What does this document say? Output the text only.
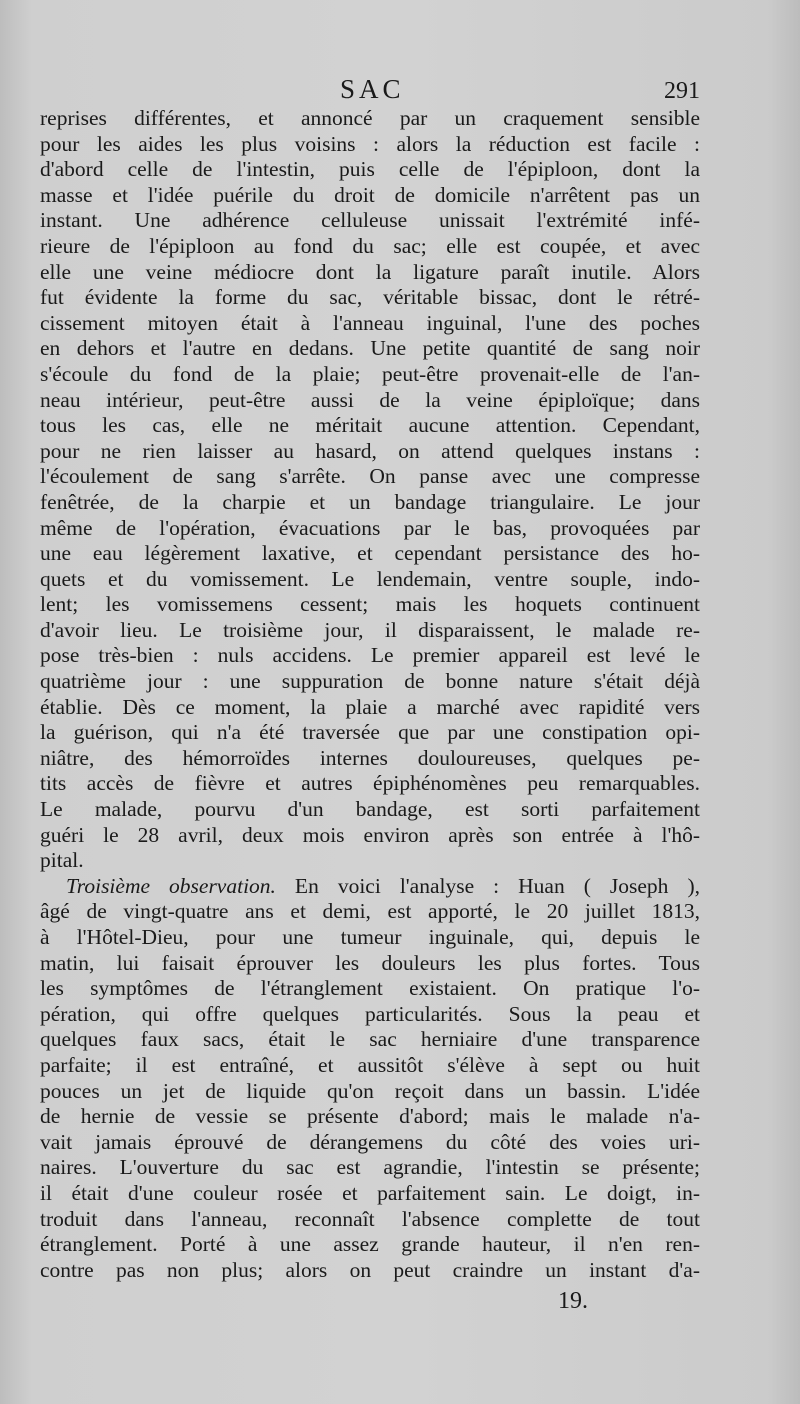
SAC	291
reprises différentes, et annoncé par un craquement sensible
pour les aides les plus voisins : alors la réduction est facile :
d'abord celle de l'intestin, puis celle de l'épiploon, dont la
masse et l'idée puérile du droit de domicile n'arrêtent pas un
instant. Une adhérence celluleuse unissait l'extrémité infé-
rieure de l'épiploon au fond du sac; elle est coupée, et avec
elle une veine médiocre dont la ligature paraît inutile. Alors
fut évidente la forme du sac, véritable bissac, dont le rétré-
cissement mitoyen était à l'anneau inguinal, l'une des poches
en dehors et l'autre en dedans. Une petite quantité de sang noir
s'écoule du fond de la plaie; peut-être provenait-elle de l'an-
neau intérieur, peut-être aussi de la veine épiploïque; dans
tous les cas, elle ne méritait aucune attention. Cependant,
pour ne rien laisser au hasard, on attend quelques instans :
l'écoulement de sang s'arrête. On panse avec une compresse
fenêtrée, de la charpie et un bandage triangulaire. Le jour
même de l'opération, évacuations par le bas, provoquées par
une eau légèrement laxative, et cependant persistance des ho-
quets et du vomissement. Le lendemain, ventre souple, indo-
lent; les vomissemens cessent; mais les hoquets continuent
d'avoir lieu. Le troisième jour, il disparaissent, le malade re-
pose très-bien : nuls accidens. Le premier appareil est levé le
quatrième jour : une suppuration de bonne nature s'était déjà
établie. Dès ce moment, la plaie a marché avec rapidité vers
la guérison, qui n'a été traversée que par une constipation opi-
niâtre, des hémorroïdes internes douloureuses, quelques pe-
tits accès de fièvre et autres épiphénomènes peu remarquables.
Le malade, pourvu d'un bandage, est sorti parfaitement
guéri le 28 avril, deux mois environ après son entrée à l'hô-
pital.
Troisième observation. En voici l'analyse : Huan ( Joseph ),
âgé de vingt-quatre ans et demi, est apporté, le 20 juillet 1813,
à l'Hôtel-Dieu, pour une tumeur inguinale, qui, depuis le
matin, lui faisait éprouver les douleurs les plus fortes. Tous
les symptômes de l'étranglement existaient. On pratique l'o-
pération, qui offre quelques particularités. Sous la peau et
quelques faux sacs, était le sac herniaire d'une transparence
parfaite; il est entraîné, et aussitôt s'élève à sept ou huit
pouces un jet de liquide qu'on reçoit dans un bassin. L'idée
de hernie de vessie se présente d'abord; mais le malade n'a-
vait jamais éprouvé de dérangemens du côté des voies uri-
naires. L'ouverture du sac est agrandie, l'intestin se présente;
il était d'une couleur rosée et parfaitement sain. Le doigt, in-
troduit dans l'anneau, reconnaît l'absence complette de tout
étranglement. Porté à une assez grande hauteur, il n'en ren-
contre pas non plus; alors on peut craindre un instant d'a-
19.
